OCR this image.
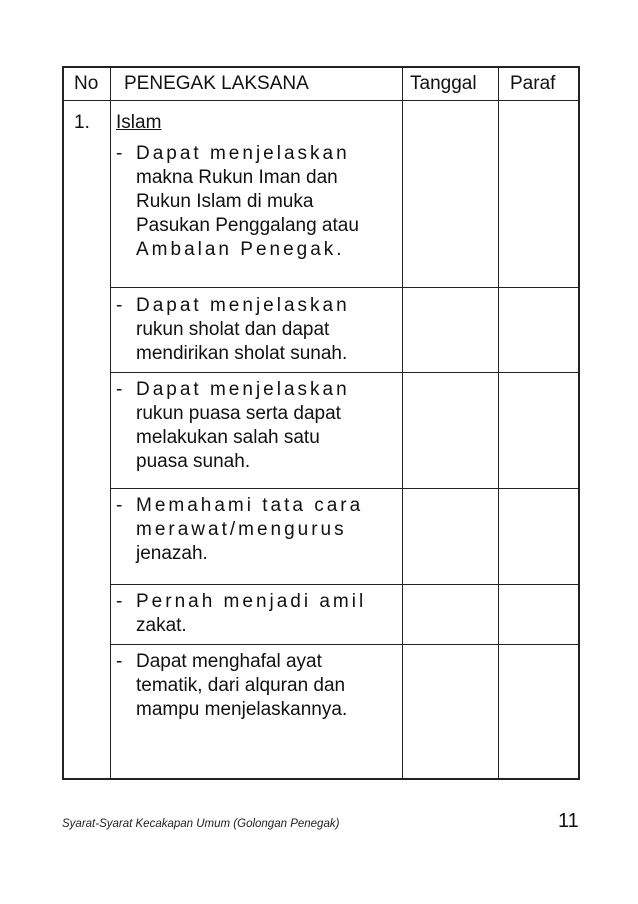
No PENEGAK LAKSANA	Tanggal Paraf
1. Islam
- Dapat menjelaskan
makna Rukun Iman dan
Rukun Islam di muka
Pasukan Penggalang atau
Ambalan Penegak.
- Dapat menjelaskan
rukun sholat dan dapat
mendirikan sholat sunah.
- Dapat menjelaskan
rukun puasa serta dapat
melakukan salah satu
puasa sunah.
- Memahami tata cara
merawat/mengurus
jenazah.
- Pernah menjadi amil
zakat.
- Dapat menghafal ayat
tematik, dari alquran dan
mampu menjelaskannya.
Syarat-Syarat Kecakapan Umum (Golongan Penegak)	11
